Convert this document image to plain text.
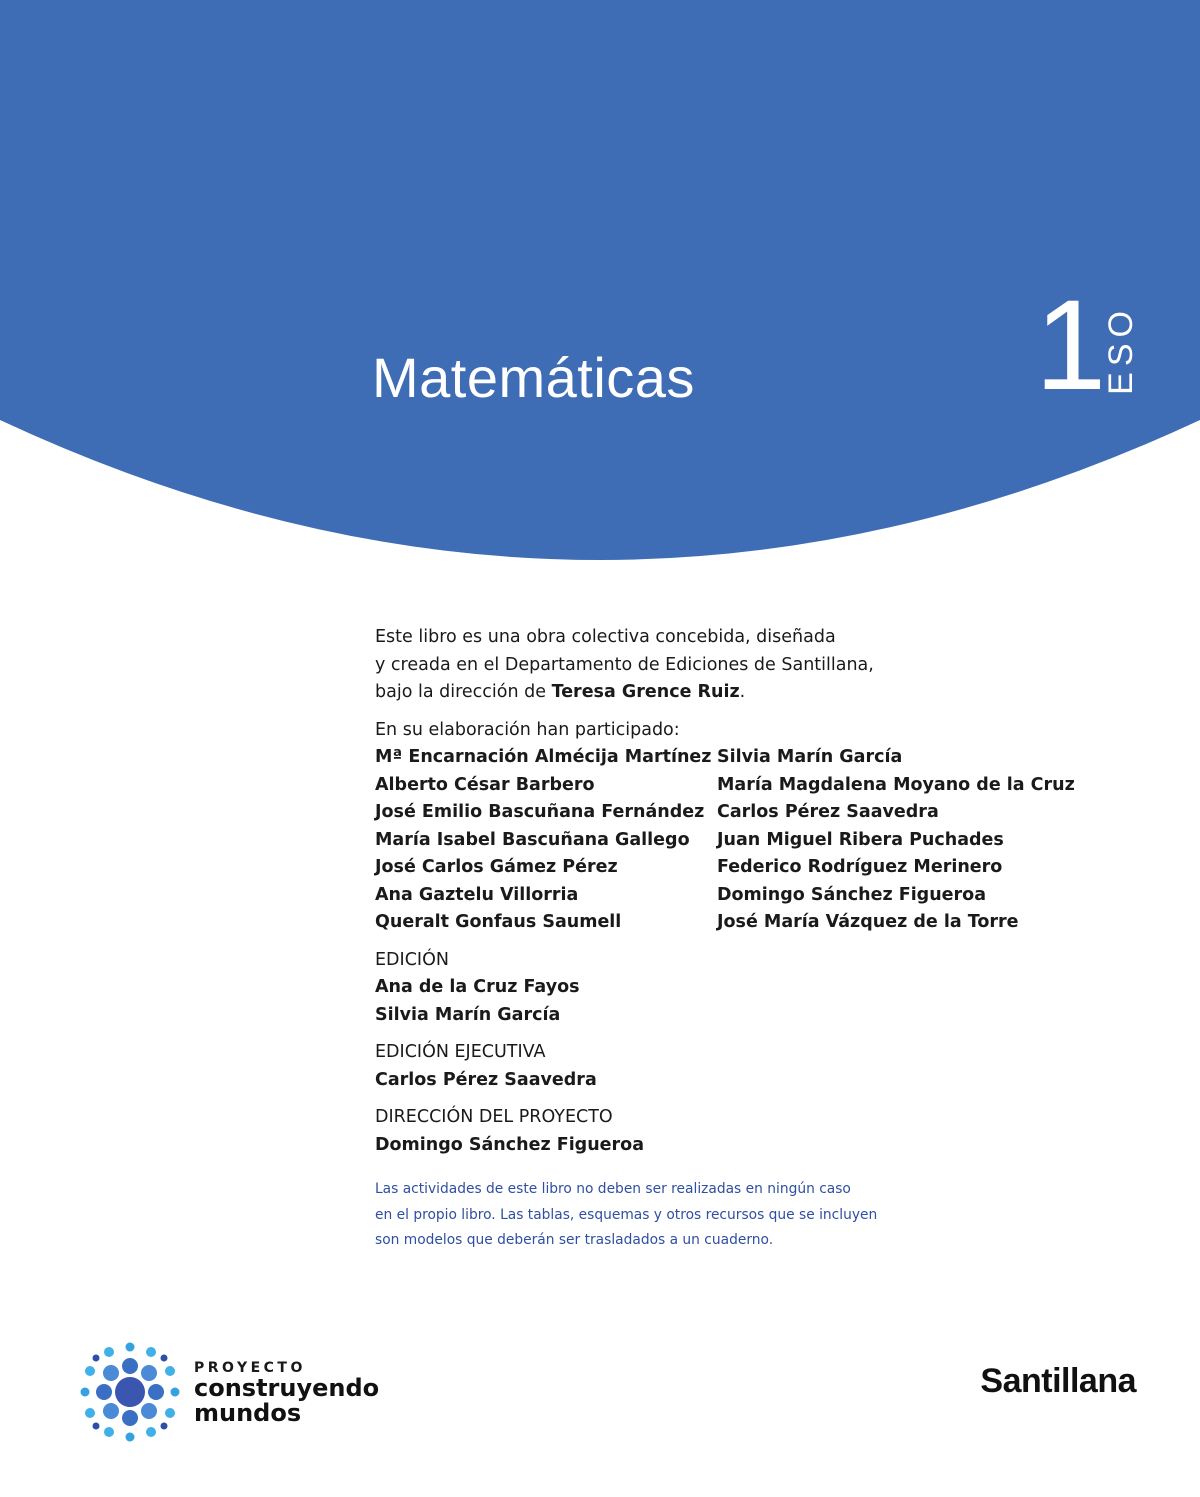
Matemáticas	1
ESO

Este libro es una obra colectiva concebida, diseñada

y creada en el Departamento de Ediciones de Santillana,

bajo la dirección de Teresa Grence Ruiz.

En su elaboración han participado:
Mª Encarnación Almécija Martínez
Alberto César Barbero
José Emilio Bascuñana Fernández
María Isabel Bascuñana Gallego
José Carlos Gámez Pérez
Ana Gaztelu Villorria
Queralt Gonfaus Saumell
Silvia Marín García
María Magdalena Moyano de la Cruz
Carlos Pérez Saavedra
Juan Miguel Ribera Puchades
Federico Rodríguez Merinero
Domingo Sánchez Figueroa
José María Vázquez de la Torre
EDICIÓN
Ana de la Cruz Fayos
Silvia Marín García
EDICIÓN EJECUTIVA
Carlos Pérez Saavedra
DIRECCIÓN DEL PROYECTO
Domingo Sánchez Figueroa

Las actividades de este libro no deben ser realizadas en ningún caso

en el propio libro. Las tablas, esquemas y otros recursos que se incluyen

son modelos que deberán ser trasladados a un cuaderno.

PROYECTO
construyendo
mundos
Santillana
